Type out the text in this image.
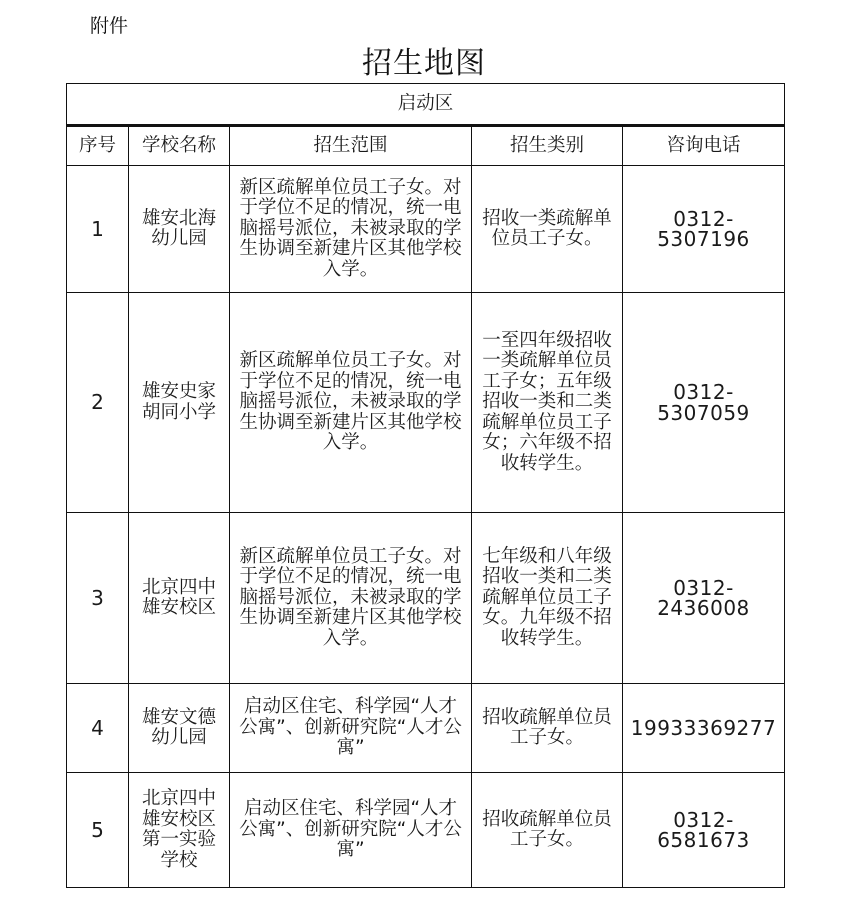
附件
招生地图
启动区				
序号	学校名称	招生范围	招生类别	咨询电话
1	雄安北海幼儿园	新区疏解单位员工子女。对于学位不足的情况，统一电脑摇号派位，未被录取的学生协调至新建片区其他学校入学。	招收一类疏解单位员工子女。	0312-5307196
2	雄安史家胡同小学	新区疏解单位员工子女。对于学位不足的情况，统一电脑摇号派位，未被录取的学生协调至新建片区其他学校入学。	一至四年级招收一类疏解单位员工子女；五年级招收一类和二类疏解单位员工子女；六年级不招收转学生。	0312-5307059
3	北京四中雄安校区	新区疏解单位员工子女。对于学位不足的情况，统一电脑摇号派位，未被录取的学生协调至新建片区其他学校入学。	七年级和八年级招收一类和二类疏解单位员工子女。九年级不招收转学生。	0312-2436008
4	雄安文德幼儿园	启动区住宅、科学园“人才公寓”、创新研究院“人才公寓”	招收疏解单位员工子女。	19933369277
5	北京四中雄安校区第一实验学校	启动区住宅、科学园“人才公寓”、创新研究院“人才公寓”	招收疏解单位员工子女。	0312-6581673
